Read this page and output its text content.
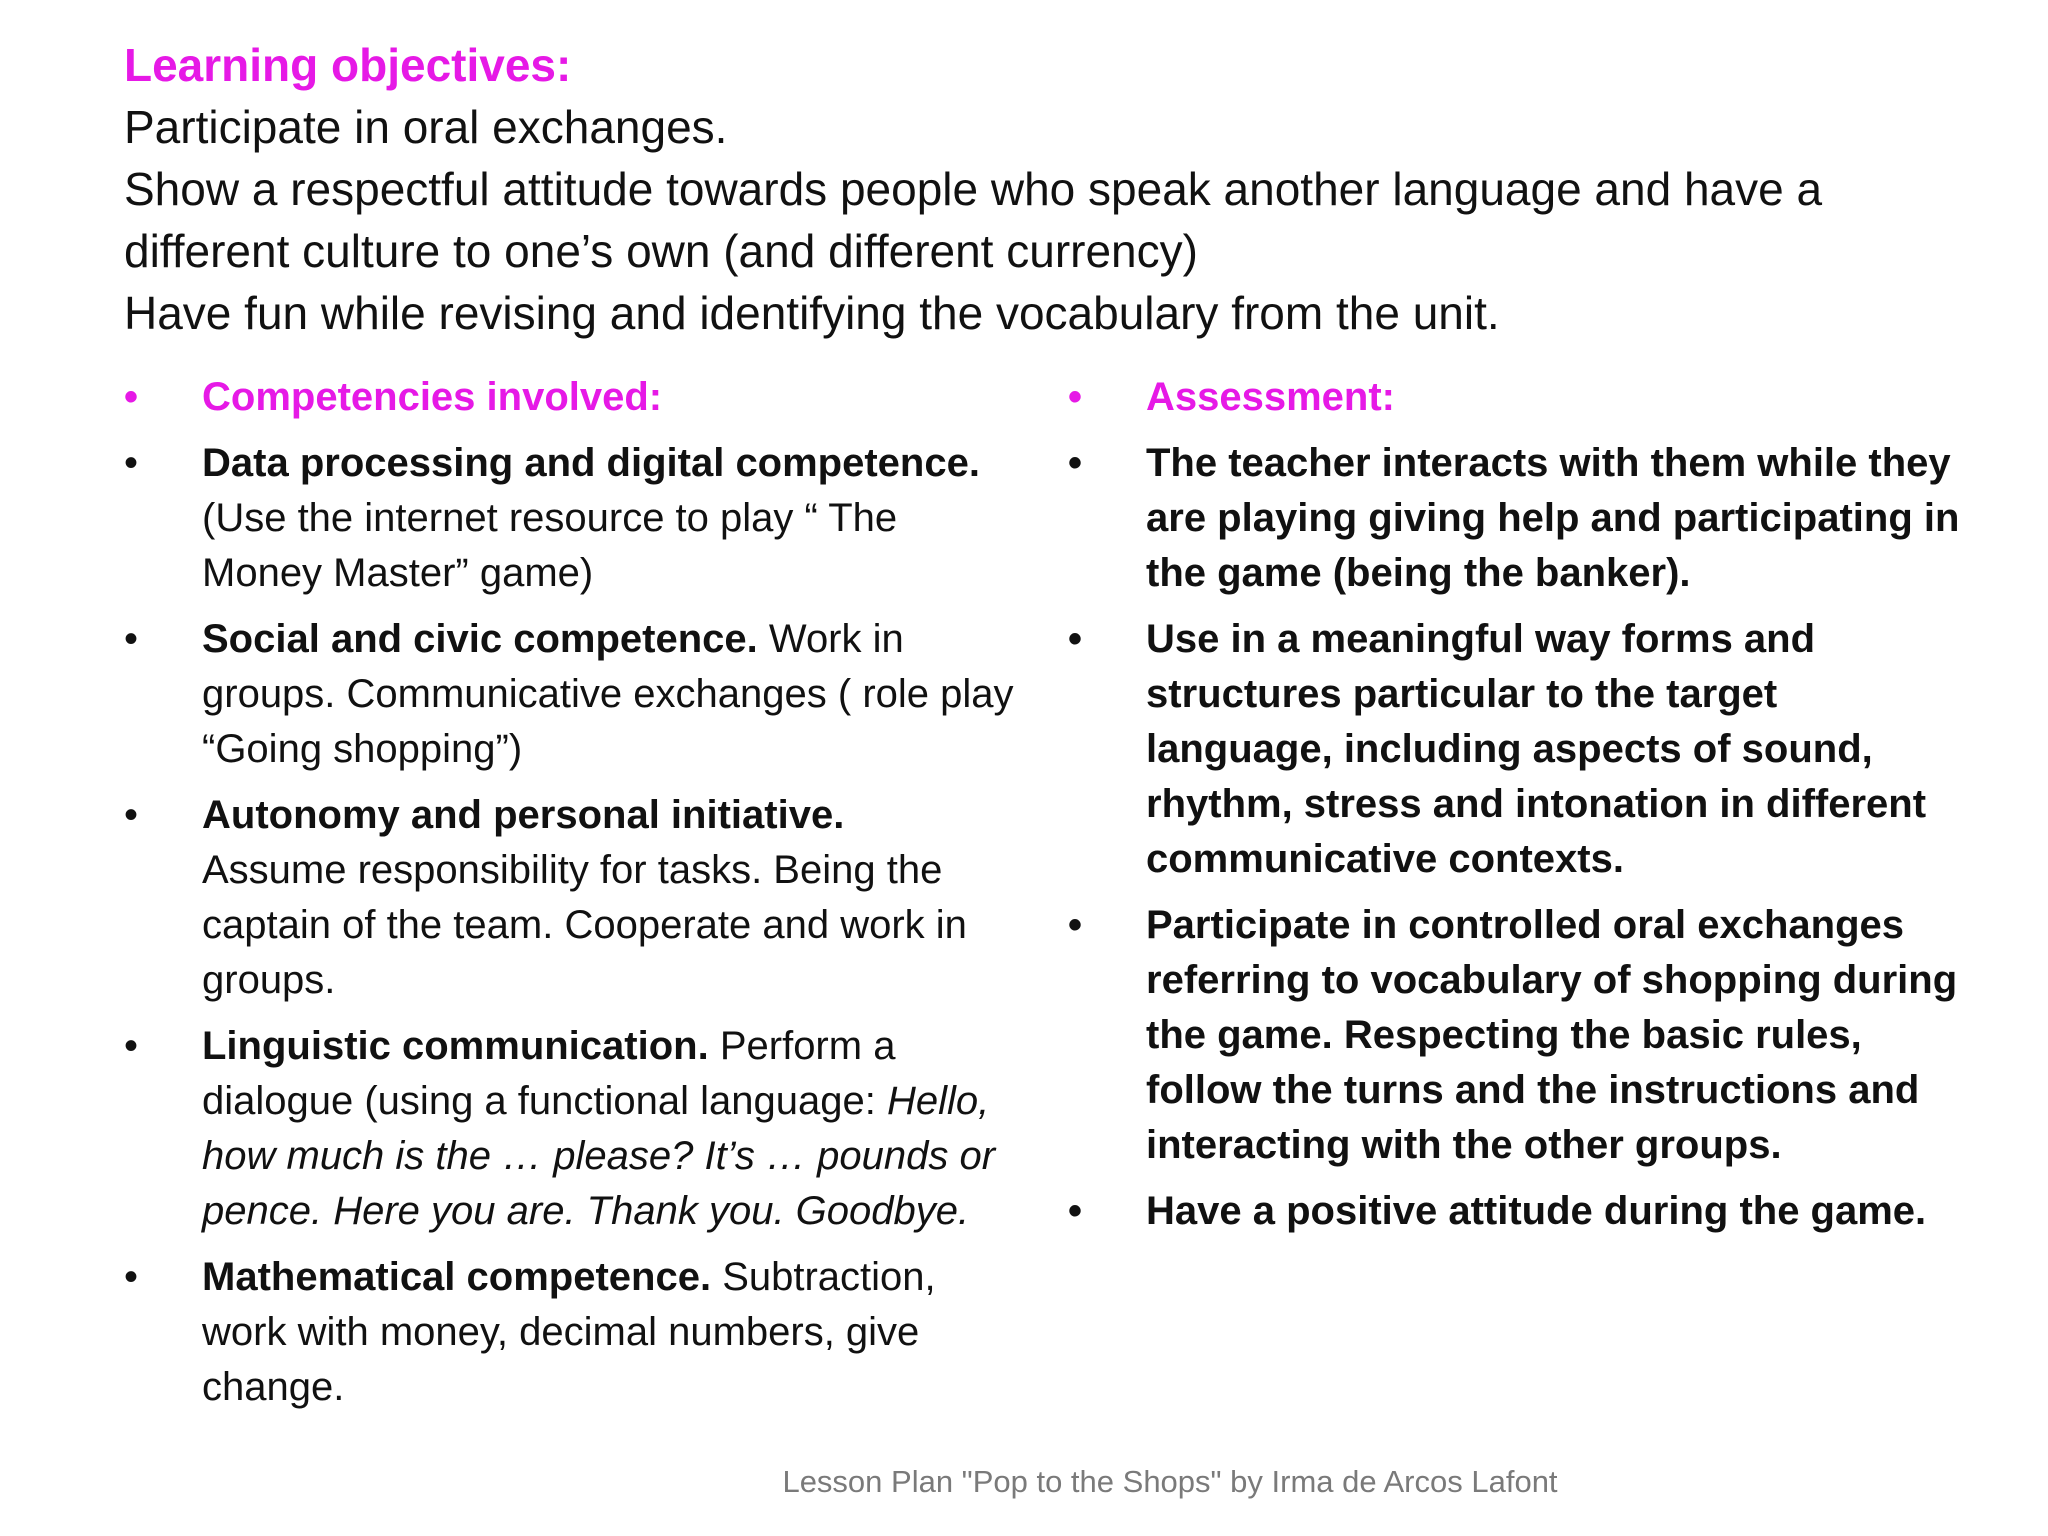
Learning objectives:

Participate in oral exchanges.

Show a respectful attitude towards people who speak another language and have a different culture to one’s own (and different currency)

Have fun while revising and identifying the vocabulary from the unit.

•	Competencies involved:
•	Data processing and digital competence.
(Use the internet resource to play “ The Money Master” game)
•	Social and civic competence. Work in groups. Communicative exchanges ( role play “Going shopping”)
•	Autonomy and personal initiative.
Assume responsibility for tasks. Being the captain of the team. Cooperate and work in groups.
•	Linguistic communication. Perform a dialogue (using a functional language: Hello, how much is the … please? It’s … pounds or pence. Here you are. Thank you. Goodbye.
•	Mathematical competence. Subtraction, work with money, decimal numbers, give change.
•	Assessment:
•	The teacher interacts with them while they are playing giving help and participating in the game (being the banker).
•	Use in a meaningful way forms and structures particular to the target language, including aspects of sound, rhythm, stress and intonation in different communicative contexts.
•	Participate in controlled oral exchanges referring to vocabulary of shopping during the game. Respecting the basic rules, follow the turns and the instructions and interacting with the other groups.
•	Have a positive attitude during the game.
Lesson Plan "Pop to the Shops" by Irma de Arcos Lafont
